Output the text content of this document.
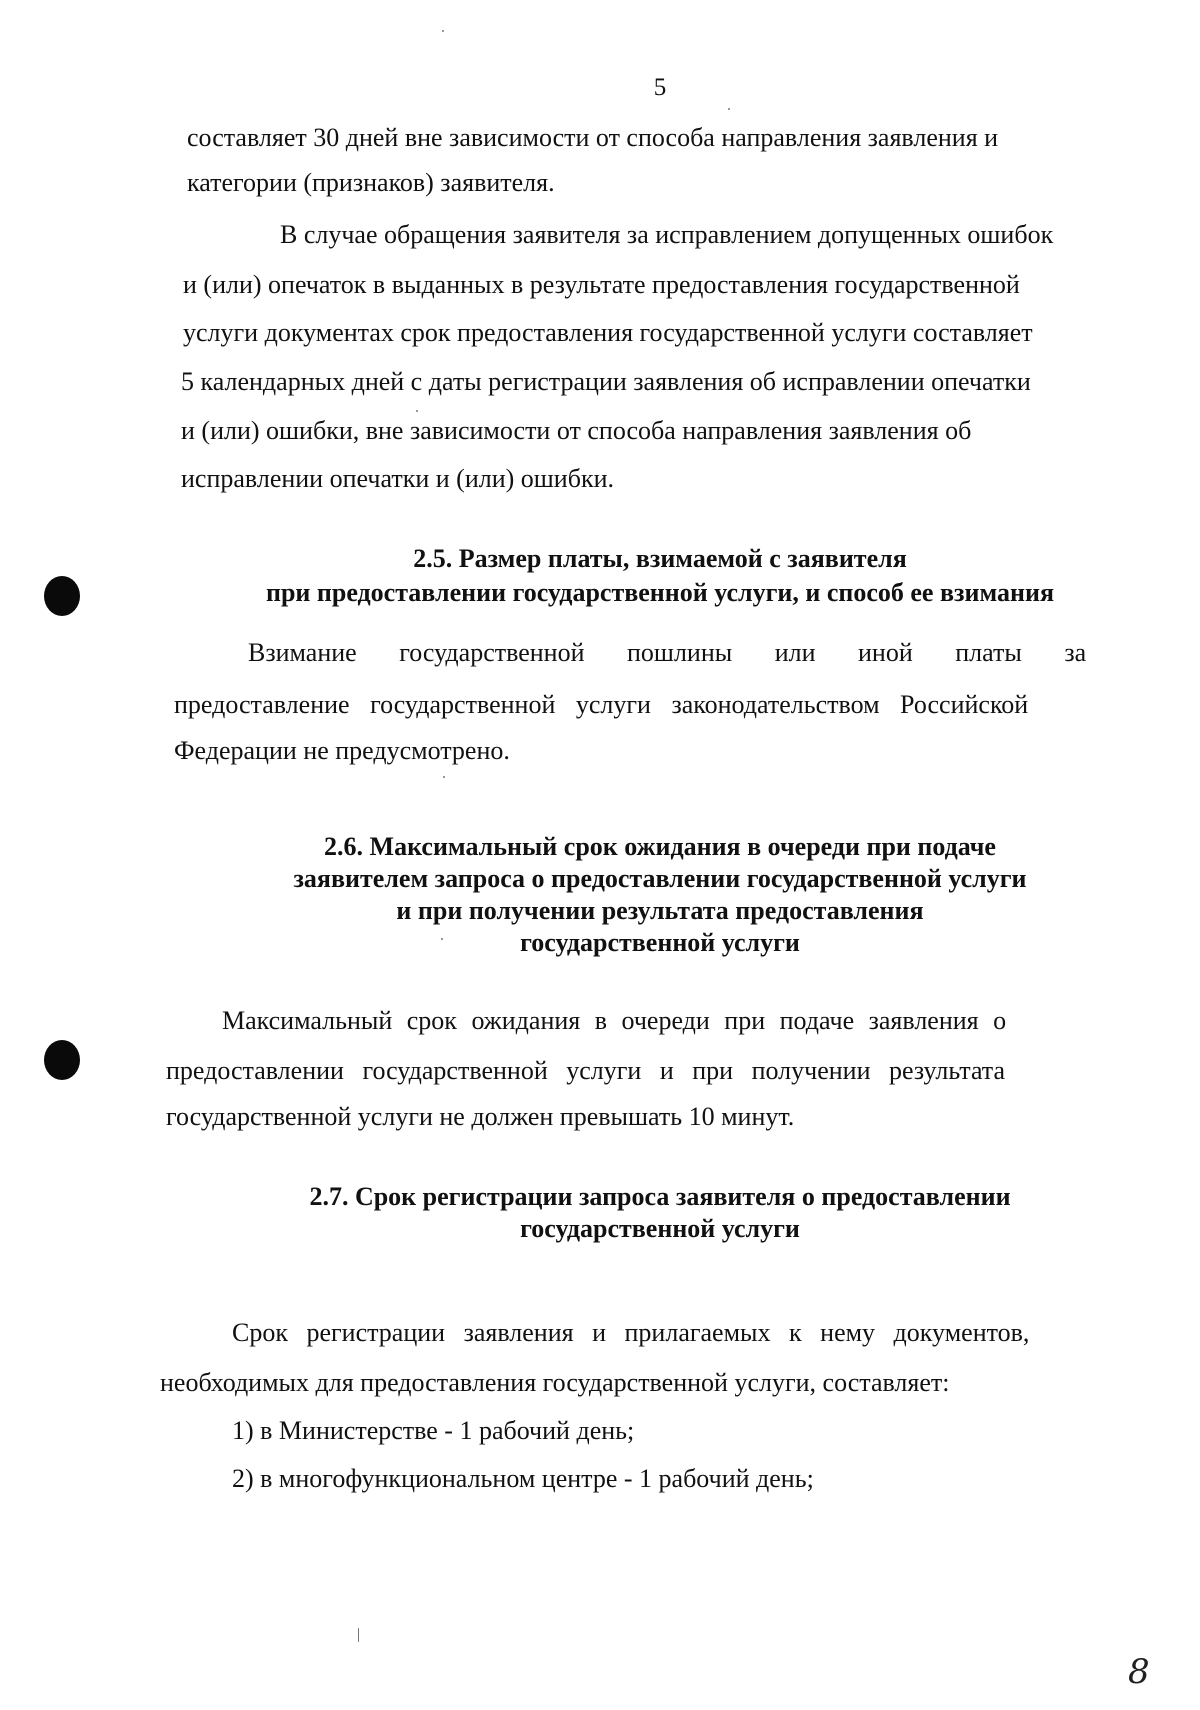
5
составляет 30 дней вне зависимости от способа направления заявления и
категории (признаков) заявителя.
В случае обращения заявителя за исправлением допущенных ошибок
и (или) опечаток в выданных в результате предоставления государственной
услуги документах срок предоставления государственной услуги составляет
5 календарных дней с даты регистрации заявления об исправлении опечатки
и (или) ошибки, вне зависимости от способа направления заявления об
исправлении опечатки и (или) ошибки.
2.5. Размер платы, взимаемой с заявителя
при предоставлении государственной услуги, и способ ее взимания
Взимание государственной пошлины или иной платы за
предоставление государственной услуги законодательством Российской
Федерации не предусмотрено.
2.6. Максимальный срок ожидания в очереди при подаче
заявителем запроса о предоставлении государственной услуги
и при получении результата предоставления
государственной услуги
Максимальный срок ожидания в очереди при подаче заявления о
предоставлении государственной услуги и при получении результата
государственной услуги не должен превышать 10 минут.
2.7. Срок регистрации запроса заявителя о предоставлении
государственной услуги
Срок регистрации заявления и прилагаемых к нему документов,
необходимых для предоставления государственной услуги, составляет:
1) в Министерстве - 1 рабочий день;
2) в многофункциональном центре - 1 рабочий день;
8
